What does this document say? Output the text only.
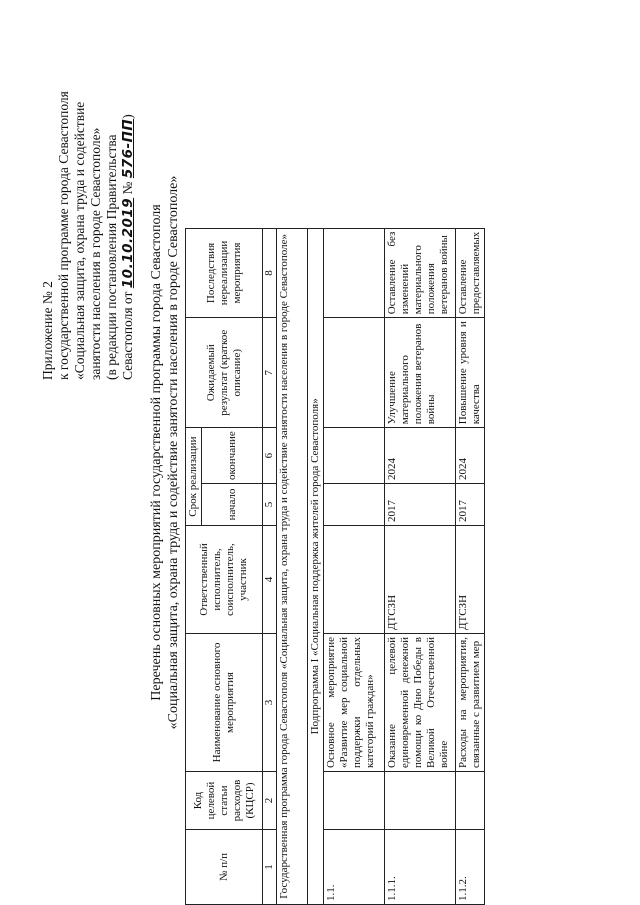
Приложение № 2 к государственной программе города Севастополя «Социальная защита, охрана труда и содействие занятости населения в городе Севастополе» (в редакции постановления Правительства Севастополя от 10.10.2019 № 576-ПП)
Перечень основных мероприятий государственной программы города Севастополя «Социальная защита, охрана труда и содействие занятости населения в городе Севастополе»
№ п/п	Код целевой статьи расходов (КЦСР)	Наименование основного мероприятия	Ответственный исполнитель, соисполнитель, участник	Срок реализации		Ожидаемый результат (краткое описание)	Последствия нереализации мероприятия
				начало	окончание		
1	2	3	4	5	6	7	8
Государственная программа города Севастополя «Социальная защита, охрана труда и содействие занятости населения в городе Севастополе»							
Подпрограмма I «Социальная поддержка жителей города Севастополя»							
1.1.		Основное мероприятие «Развитие мер социальной поддержки отдельных категорий граждан»					
1.1.1.		Оказание целевой единовременной денежной помощи ко Дню Победы в Великой Отечественной войне	ДТСЗН	2017	2024	Улучшение материального положения ветеранов войны	Оставление без изменений материального положения ветеранов войны
1.1.2.		Расходы на мероприятия, связанные с развитием мер	ДТСЗН	2017	2024	Повышение уровня и качества	Оставление предоставляемых
